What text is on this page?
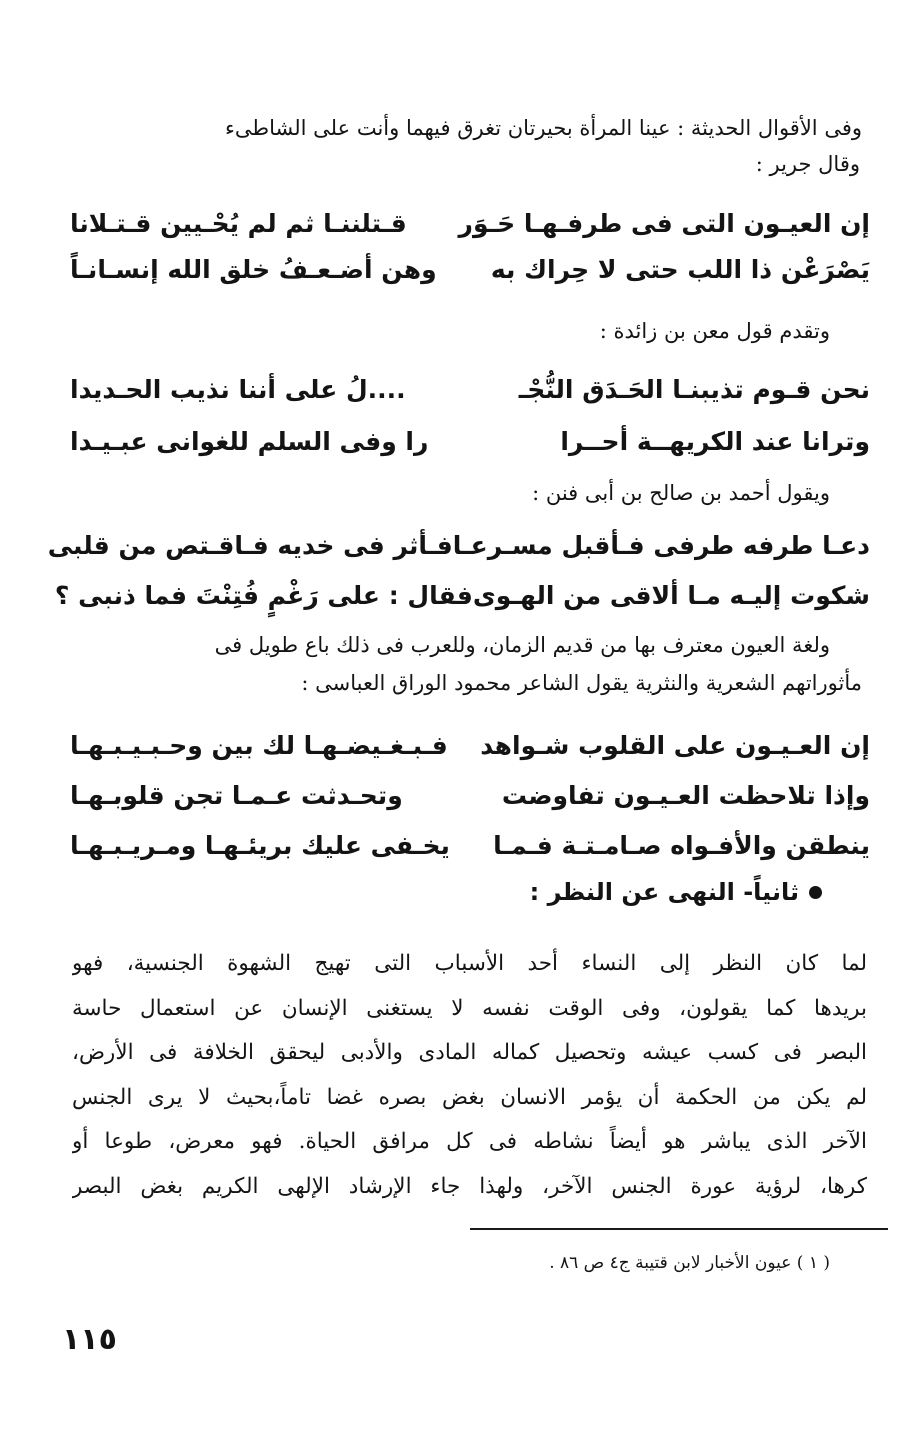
وفى الأقوال الحديثة : عينا المرأة بحيرتان تغرق فيهما وأنت على الشاطىء
وقال جرير :
إن العيـون التى فى طرفـهـا حَـوَر
قـتلننـا ثم لم يُحْـيين قـتـلانا
يَصْرَعْن ذا اللب حتى لا حِراك به
وهن أضـعـفُ خلق الله إنسـانـاً
وتقدم قول معن بن زائدة :
نحن قـوم تذيبنـا الحَـدَق النُّجْـ
....لُ على أننا نذيب الحـديدا
وترانا عند الكريهــة أحــرا
را وفى السلم للغوانى عبـيـدا
ويقول أحمد بن صالح بن أبى فنن :
دعـا طرفه طرفى فـأقبل مسـرعـا
فـأثر فى خديه فـاقـتص من قلبى
شكوت إليـه مـا ألاقى من الهـوى
فقال : على رَغْمٍ فُتِنْتَ فما ذنبى ؟
ولغة العيون معترف بها من قديم الزمان، وللعرب فى ذلك باع طويل فى
مأثوراتهم الشعرية والنثرية يقول الشاعر محمود الوراق العباسى :
إن العـيـون على القلوب شـواهد
فـبـغـيضـهـا لك بين وحـبـيـبـهـا
وإذا تلاحظت العـيـون تفاوضت
وتحـدثت عـمـا تجن قلوبـهـا
ينطقن والأفـواه صـامـتـة فـمـا
يخـفى عليك بريئـهـا ومـريـبـهـا
ثانياً- النهى عن النظر :
لما كان النظر إلى النساء أحد الأسباب التى تهيج الشهوة الجنسية، فهو
بريدها كما يقولون، وفى الوقت نفسه لا يستغنى الإنسان عن استعمال حاسة
البصر فى كسب عيشه وتحصيل كماله المادى والأدبى ليحقق الخلافة فى الأرض،
لم يكن من الحكمة أن يؤمر الانسان بغض بصره غضا تاماً،بحيث لا يرى الجنس
الآخر الذى يباشر هو أيضاً نشاطه فى كل مرافق الحياة. فهو معرض، طوعا أو
كرها، لرؤية عورة الجنس الآخر، ولهذا جاء الإرشاد الإلهى الكريم بغض البصر
( ١ ) عيون الأخبار لابن قتيبة ج٤ ص ٨٦ .
١١٥
